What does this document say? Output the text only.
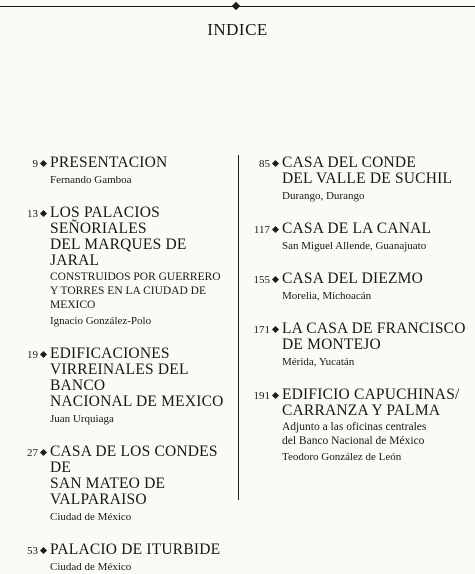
INDICE
9 PRESENTACION
Fernando Gamboa
13 LOS PALACIOS SEÑORIALES
DEL MARQUES DE JARAL
CONSTRUIDOS POR GUERRERO
Y TORRES EN LA CIUDAD DE MEXICO
Ignacio González-Polo
19 EDIFICACIONES
VIRREINALES DEL BANCO
NACIONAL DE MEXICO
Juan Urquiaga
27 CASA DE LOS CONDES DE
SAN MATEO DE VALPARAISO
Ciudad de México
53 PALACIO DE ITURBIDE
Ciudad de México
85 CASA DEL CONDE
DEL VALLE DE SUCHIL
Durango, Durango
117 CASA DE LA CANAL
San Miguel Allende, Guanajuato
155 CASA DEL DIEZMO
Morelia, Michoacán
171 LA CASA DE FRANCISCO
DE MONTEJO
Mérida, Yucatán
191 EDIFICIO CAPUCHINAS/
CARRANZA Y PALMA
Adjunto a las oficinas centrales
del Banco Nacional de México
Teodoro González de León
